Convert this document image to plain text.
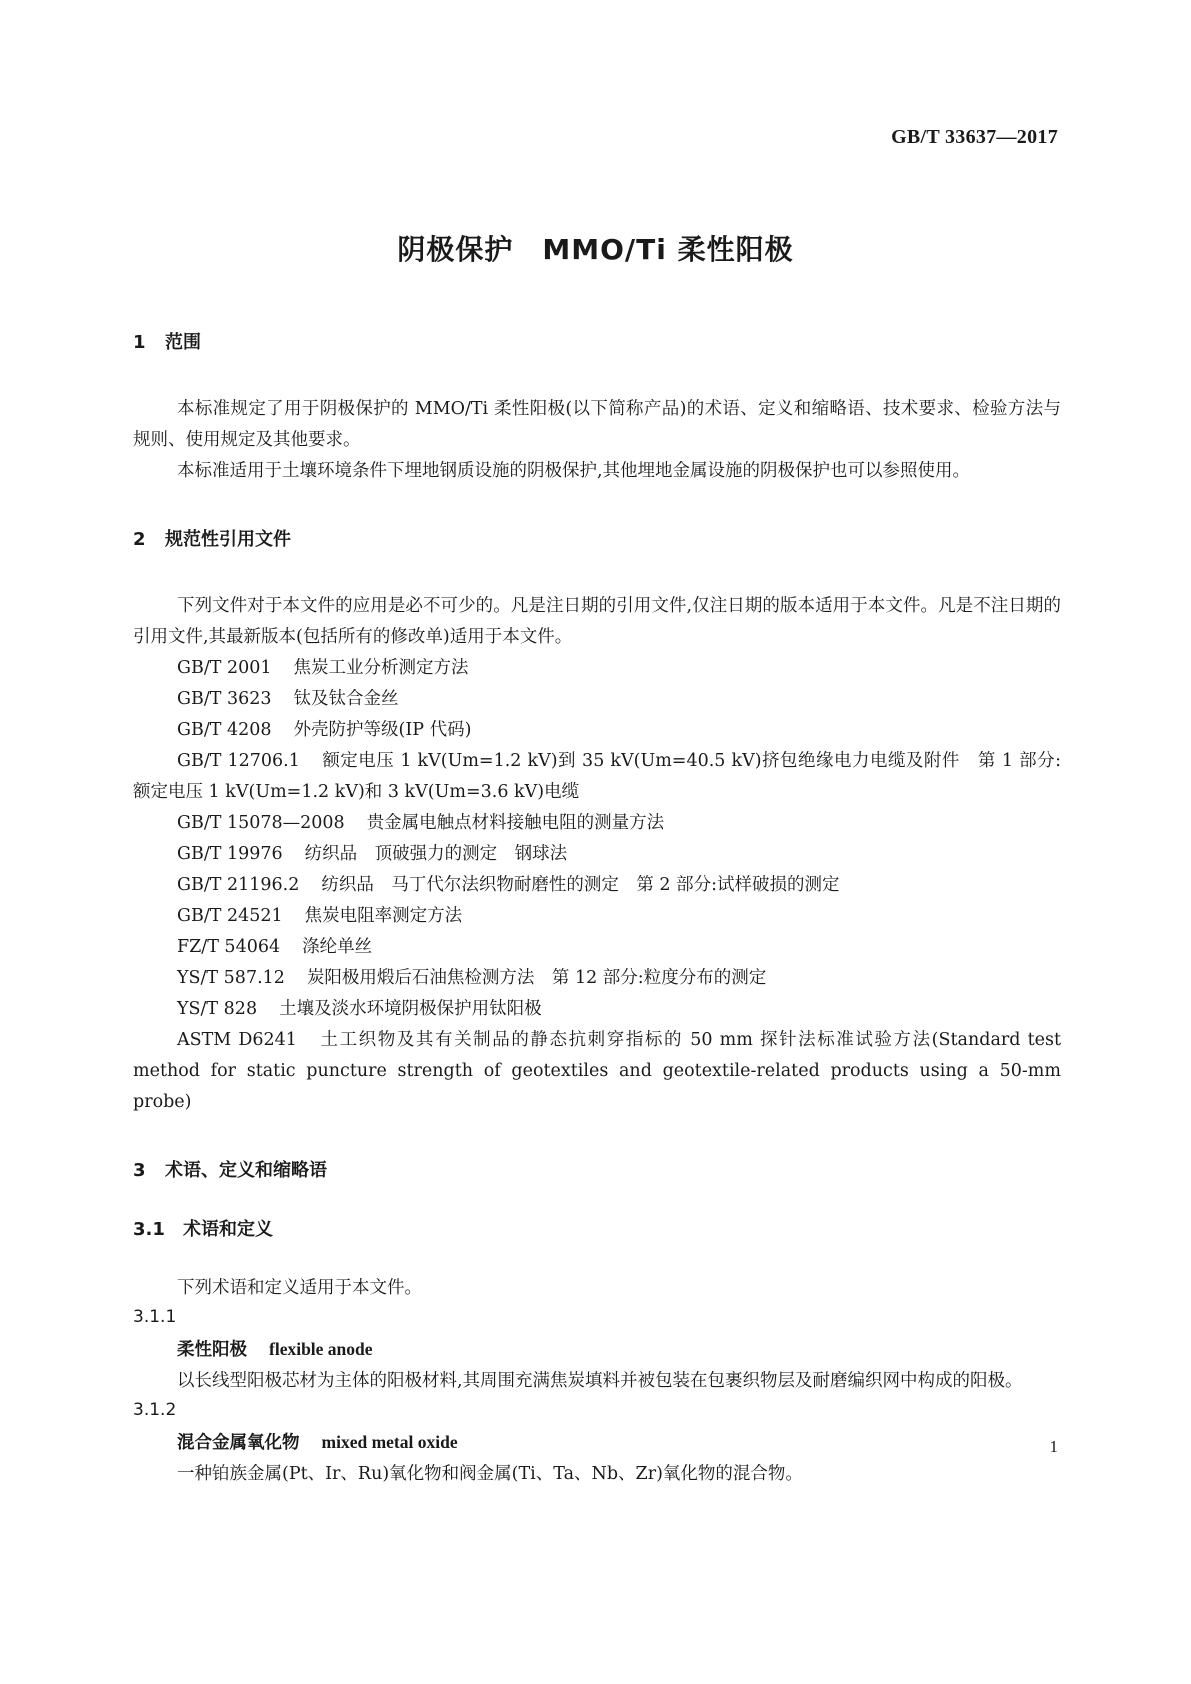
GB/T 33637—2017
阴极保护　MMO/Ti 柔性阳极
1 范围

本标准规定了用于阴极保护的 MMO/Ti 柔性阳极(以下简称产品)的术语、定义和缩略语、技术要求、检验方法与规则、使用规定及其他要求。

本标准适用于土壤环境条件下埋地钢质设施的阴极保护,其他埋地金属设施的阴极保护也可以参照使用。

2 规范性引用文件

下列文件对于本文件的应用是必不可少的。凡是注日期的引用文件,仅注日期的版本适用于本文件。凡是不注日期的引用文件,其最新版本(包括所有的修改单)适用于本文件。

GB/T 2001 焦炭工业分析测定方法

GB/T 3623 钛及钛合金丝

GB/T 4208 外壳防护等级(IP 代码)

GB/T 12706.1 额定电压 1 kV(Um=1.2 kV)到 35 kV(Um=40.5 kV)挤包绝缘电力电缆及附件　第 1 部分:额定电压 1 kV(Um=1.2 kV)和 3 kV(Um=3.6 kV)电缆

GB/T 15078—2008 贵金属电触点材料接触电阻的测量方法

GB/T 19976 纺织品　顶破强力的测定　钢球法

GB/T 21196.2 纺织品　马丁代尔法织物耐磨性的测定　第 2 部分:试样破损的测定

GB/T 24521 焦炭电阻率测定方法

FZ/T 54064 涤纶单丝

YS/T 587.12 炭阳极用煅后石油焦检测方法　第 12 部分:粒度分布的测定

YS/T 828 土壤及淡水环境阴极保护用钛阳极

ASTM D6241 土工织物及其有关制品的静态抗刺穿指标的 50 mm 探针法标准试验方法(Standard test method for static puncture strength of geotextiles and geotextile-related products using a 50-mm probe)

3 术语、定义和缩略语
3.1 术语和定义

下列术语和定义适用于本文件。

3.1.1

柔性阳极 flexible anode

以长线型阳极芯材为主体的阳极材料,其周围充满焦炭填料并被包装在包裹织物层及耐磨编织网中构成的阳极。

3.1.2

混合金属氧化物 mixed metal oxide

一种铂族金属(Pt、Ir、Ru)氧化物和阀金属(Ti、Ta、Nb、Zr)氧化物的混合物。

1
